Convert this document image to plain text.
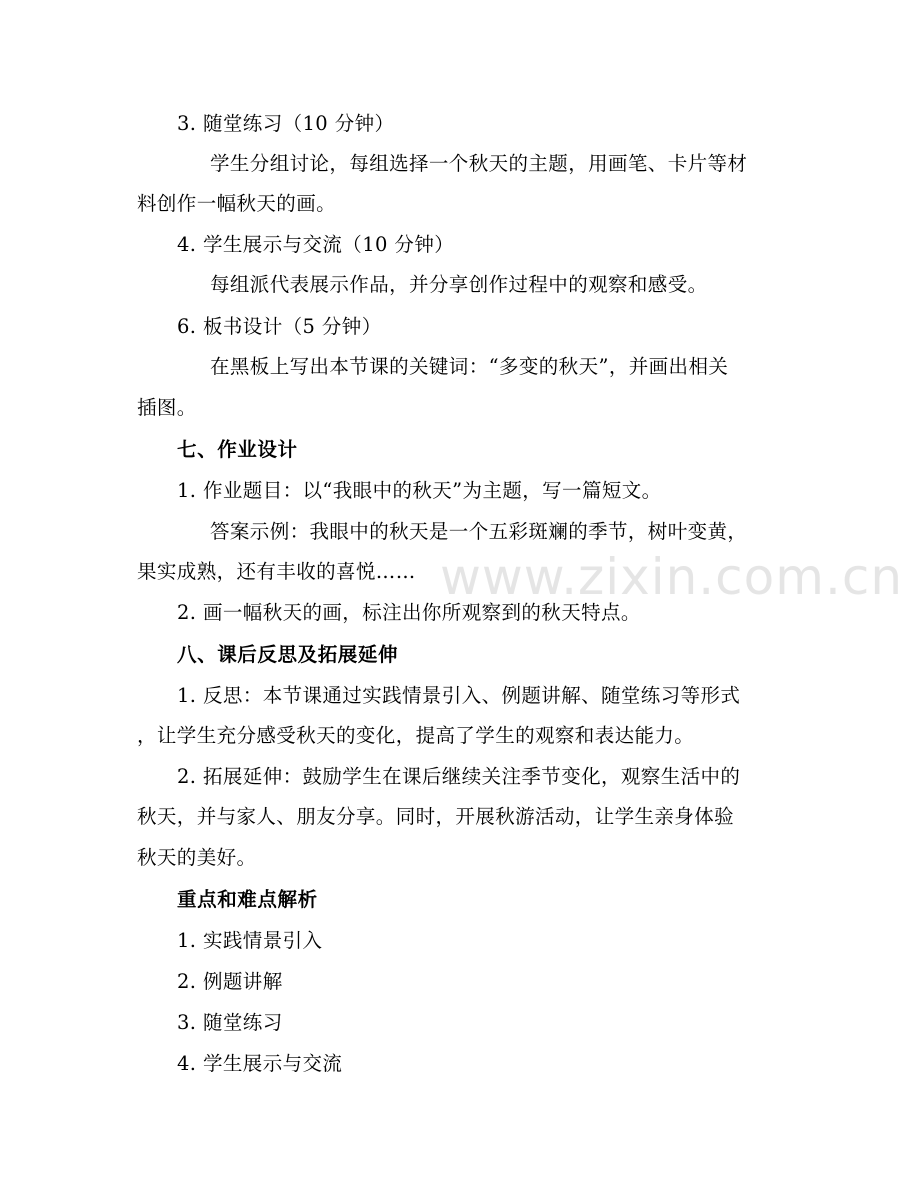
3. 随堂练习（10 分钟）
学生分组讨论，每组选择一个秋天的主题，用画笔、卡片等材
料创作一幅秋天的画。
4. 学生展示与交流（10 分钟）
每组派代表展示作品，并分享创作过程中的观察和感受。
6. 板书设计（5 分钟）
在黑板上写出本节课的关键词：“多变的秋天”，并画出相关
插图。
七、作业设计
1. 作业题目：以“我眼中的秋天”为主题，写一篇短文。
答案示例：我眼中的秋天是一个五彩斑斓的季节，树叶变黄，
果实成熟，还有丰收的喜悦……
2. 画一幅秋天的画，标注出你所观察到的秋天特点。
八、课后反思及拓展延伸
1. 反思：本节课通过实践情景引入、例题讲解、随堂练习等形式
，让学生充分感受秋天的变化，提高了学生的观察和表达能力。
2. 拓展延伸：鼓励学生在课后继续关注季节变化，观察生活中的
秋天，并与家人、朋友分享。同时，开展秋游活动，让学生亲身体验
秋天的美好。
重点和难点解析
1. 实践情景引入
2. 例题讲解
3. 随堂练习
4. 学生展示与交流
www.zixin.com.cn
